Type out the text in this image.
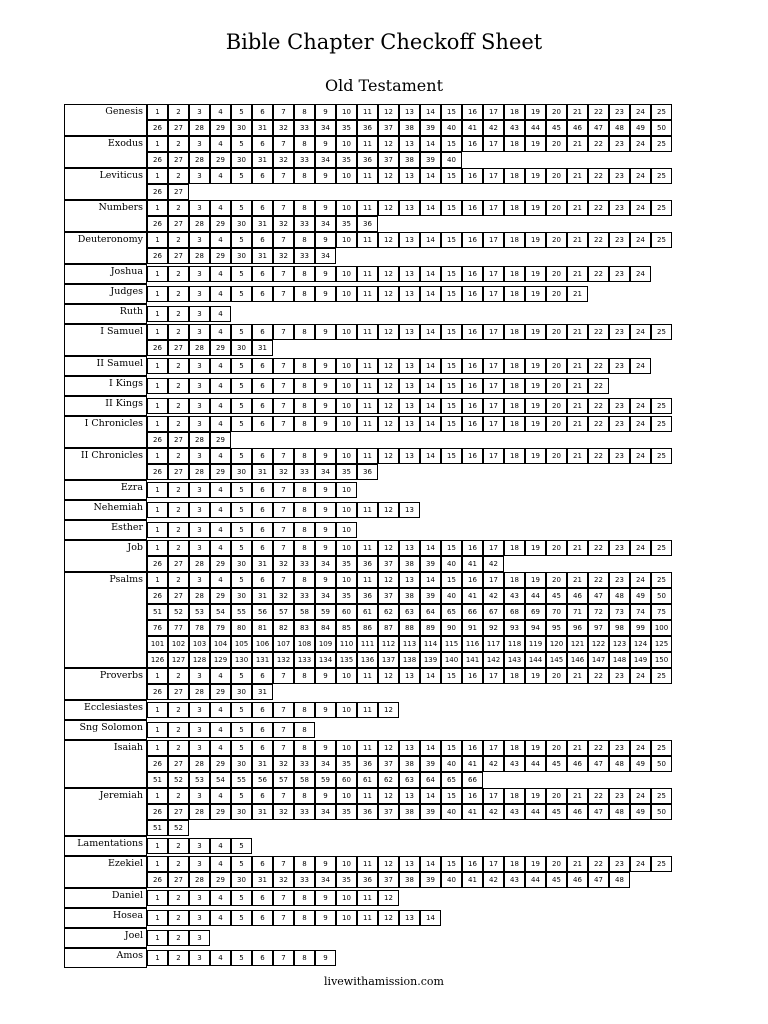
Bible Chapter Checkoff Sheet
Old Testament
Genesis	1	2	3	4	5	6	7	8	9	10	11	12	13	14	15	16	17	18	19	20	21	22	23	24	25
26	27	28	29	30	31	32	33	34	35	36	37	38	39	40	41	42	43	44	45	46	47	48	49	50
Exodus	1	2	3	4	5	6	7	8	9	10	11	12	13	14	15	16	17	18	19	20	21	22	23	24	25
26	27	28	29	30	31	32	33	34	35	36	37	38	39	40
Leviticus	1	2	3	4	5	6	7	8	9	10	11	12	13	14	15	16	17	18	19	20	21	22	23	24	25
26	27
Numbers	1	2	3	4	5	6	7	8	9	10	11	12	13	14	15	16	17	18	19	20	21	22	23	24	25
26	27	28	29	30	31	32	33	34	35	36
Deuteronomy	1	2	3	4	5	6	7	8	9	10	11	12	13	14	15	16	17	18	19	20	21	22	23	24	25
26	27	28	29	30	31	32	33	34
Joshua	1	2	3	4	5	6	7	8	9	10	11	12	13	14	15	16	17	18	19	20	21	22	23	24
Judges	1	2	3	4	5	6	7	8	9	10	11	12	13	14	15	16	17	18	19	20	21
Ruth	1	2	3	4
I Samuel	1	2	3	4	5	6	7	8	9	10	11	12	13	14	15	16	17	18	19	20	21	22	23	24	25
26	27	28	29	30	31
II Samuel	1	2	3	4	5	6	7	8	9	10	11	12	13	14	15	16	17	18	19	20	21	22	23	24
I Kings	1	2	3	4	5	6	7	8	9	10	11	12	13	14	15	16	17	18	19	20	21	22
II Kings	1	2	3	4	5	6	7	8	9	10	11	12	13	14	15	16	17	18	19	20	21	22	23	24	25
I Chronicles	1	2	3	4	5	6	7	8	9	10	11	12	13	14	15	16	17	18	19	20	21	22	23	24	25
26	27	28	29
II Chronicles	1	2	3	4	5	6	7	8	9	10	11	12	13	14	15	16	17	18	19	20	21	22	23	24	25
26	27	28	29	30	31	32	33	34	35	36
Ezra	1	2	3	4	5	6	7	8	9	10
Nehemiah	1	2	3	4	5	6	7	8	9	10	11	12	13
Esther	1	2	3	4	5	6	7	8	9	10
Job	1	2	3	4	5	6	7	8	9	10	11	12	13	14	15	16	17	18	19	20	21	22	23	24	25
26	27	28	29	30	31	32	33	34	35	36	37	38	39	40	41	42
Psalms	1	2	3	4	5	6	7	8	9	10	11	12	13	14	15	16	17	18	19	20	21	22	23	24	25
26	27	28	29	30	31	32	33	34	35	36	37	38	39	40	41	42	43	44	45	46	47	48	49	50
51	52	53	54	55	56	57	58	59	60	61	62	63	64	65	66	67	68	69	70	71	72	73	74	75
76	77	78	79	80	81	82	83	84	85	86	87	88	89	90	91	92	93	94	95	96	97	98	99	100
101	102	103	104	105	106	107	108	109	110	111	112	113	114	115	116	117	118	119	120	121	122	123	124	125
126	127	128	129	130	131	132	133	134	135	136	137	138	139	140	141	142	143	144	145	146	147	148	149	150
Proverbs	1	2	3	4	5	6	7	8	9	10	11	12	13	14	15	16	17	18	19	20	21	22	23	24	25
26	27	28	29	30	31
Ecclesiastes	1	2	3	4	5	6	7	8	9	10	11	12
Sng Solomon	1	2	3	4	5	6	7	8
Isaiah	1	2	3	4	5	6	7	8	9	10	11	12	13	14	15	16	17	18	19	20	21	22	23	24	25
26	27	28	29	30	31	32	33	34	35	36	37	38	39	40	41	42	43	44	45	46	47	48	49	50
51	52	53	54	55	56	57	58	59	60	61	62	63	64	65	66
Jeremiah	1	2	3	4	5	6	7	8	9	10	11	12	13	14	15	16	17	18	19	20	21	22	23	24	25
26	27	28	29	30	31	32	33	34	35	36	37	38	39	40	41	42	43	44	45	46	47	48	49	50
51	52
Lamentations	1	2	3	4	5
Ezekiel	1	2	3	4	5	6	7	8	9	10	11	12	13	14	15	16	17	18	19	20	21	22	23	24	25
26	27	28	29	30	31	32	33	34	35	36	37	38	39	40	41	42	43	44	45	46	47	48
Daniel	1	2	3	4	5	6	7	8	9	10	11	12
Hosea	1	2	3	4	5	6	7	8	9	10	11	12	13	14
Joel	1	2	3
Amos	1	2	3	4	5	6	7	8	9
livewithamission.com
